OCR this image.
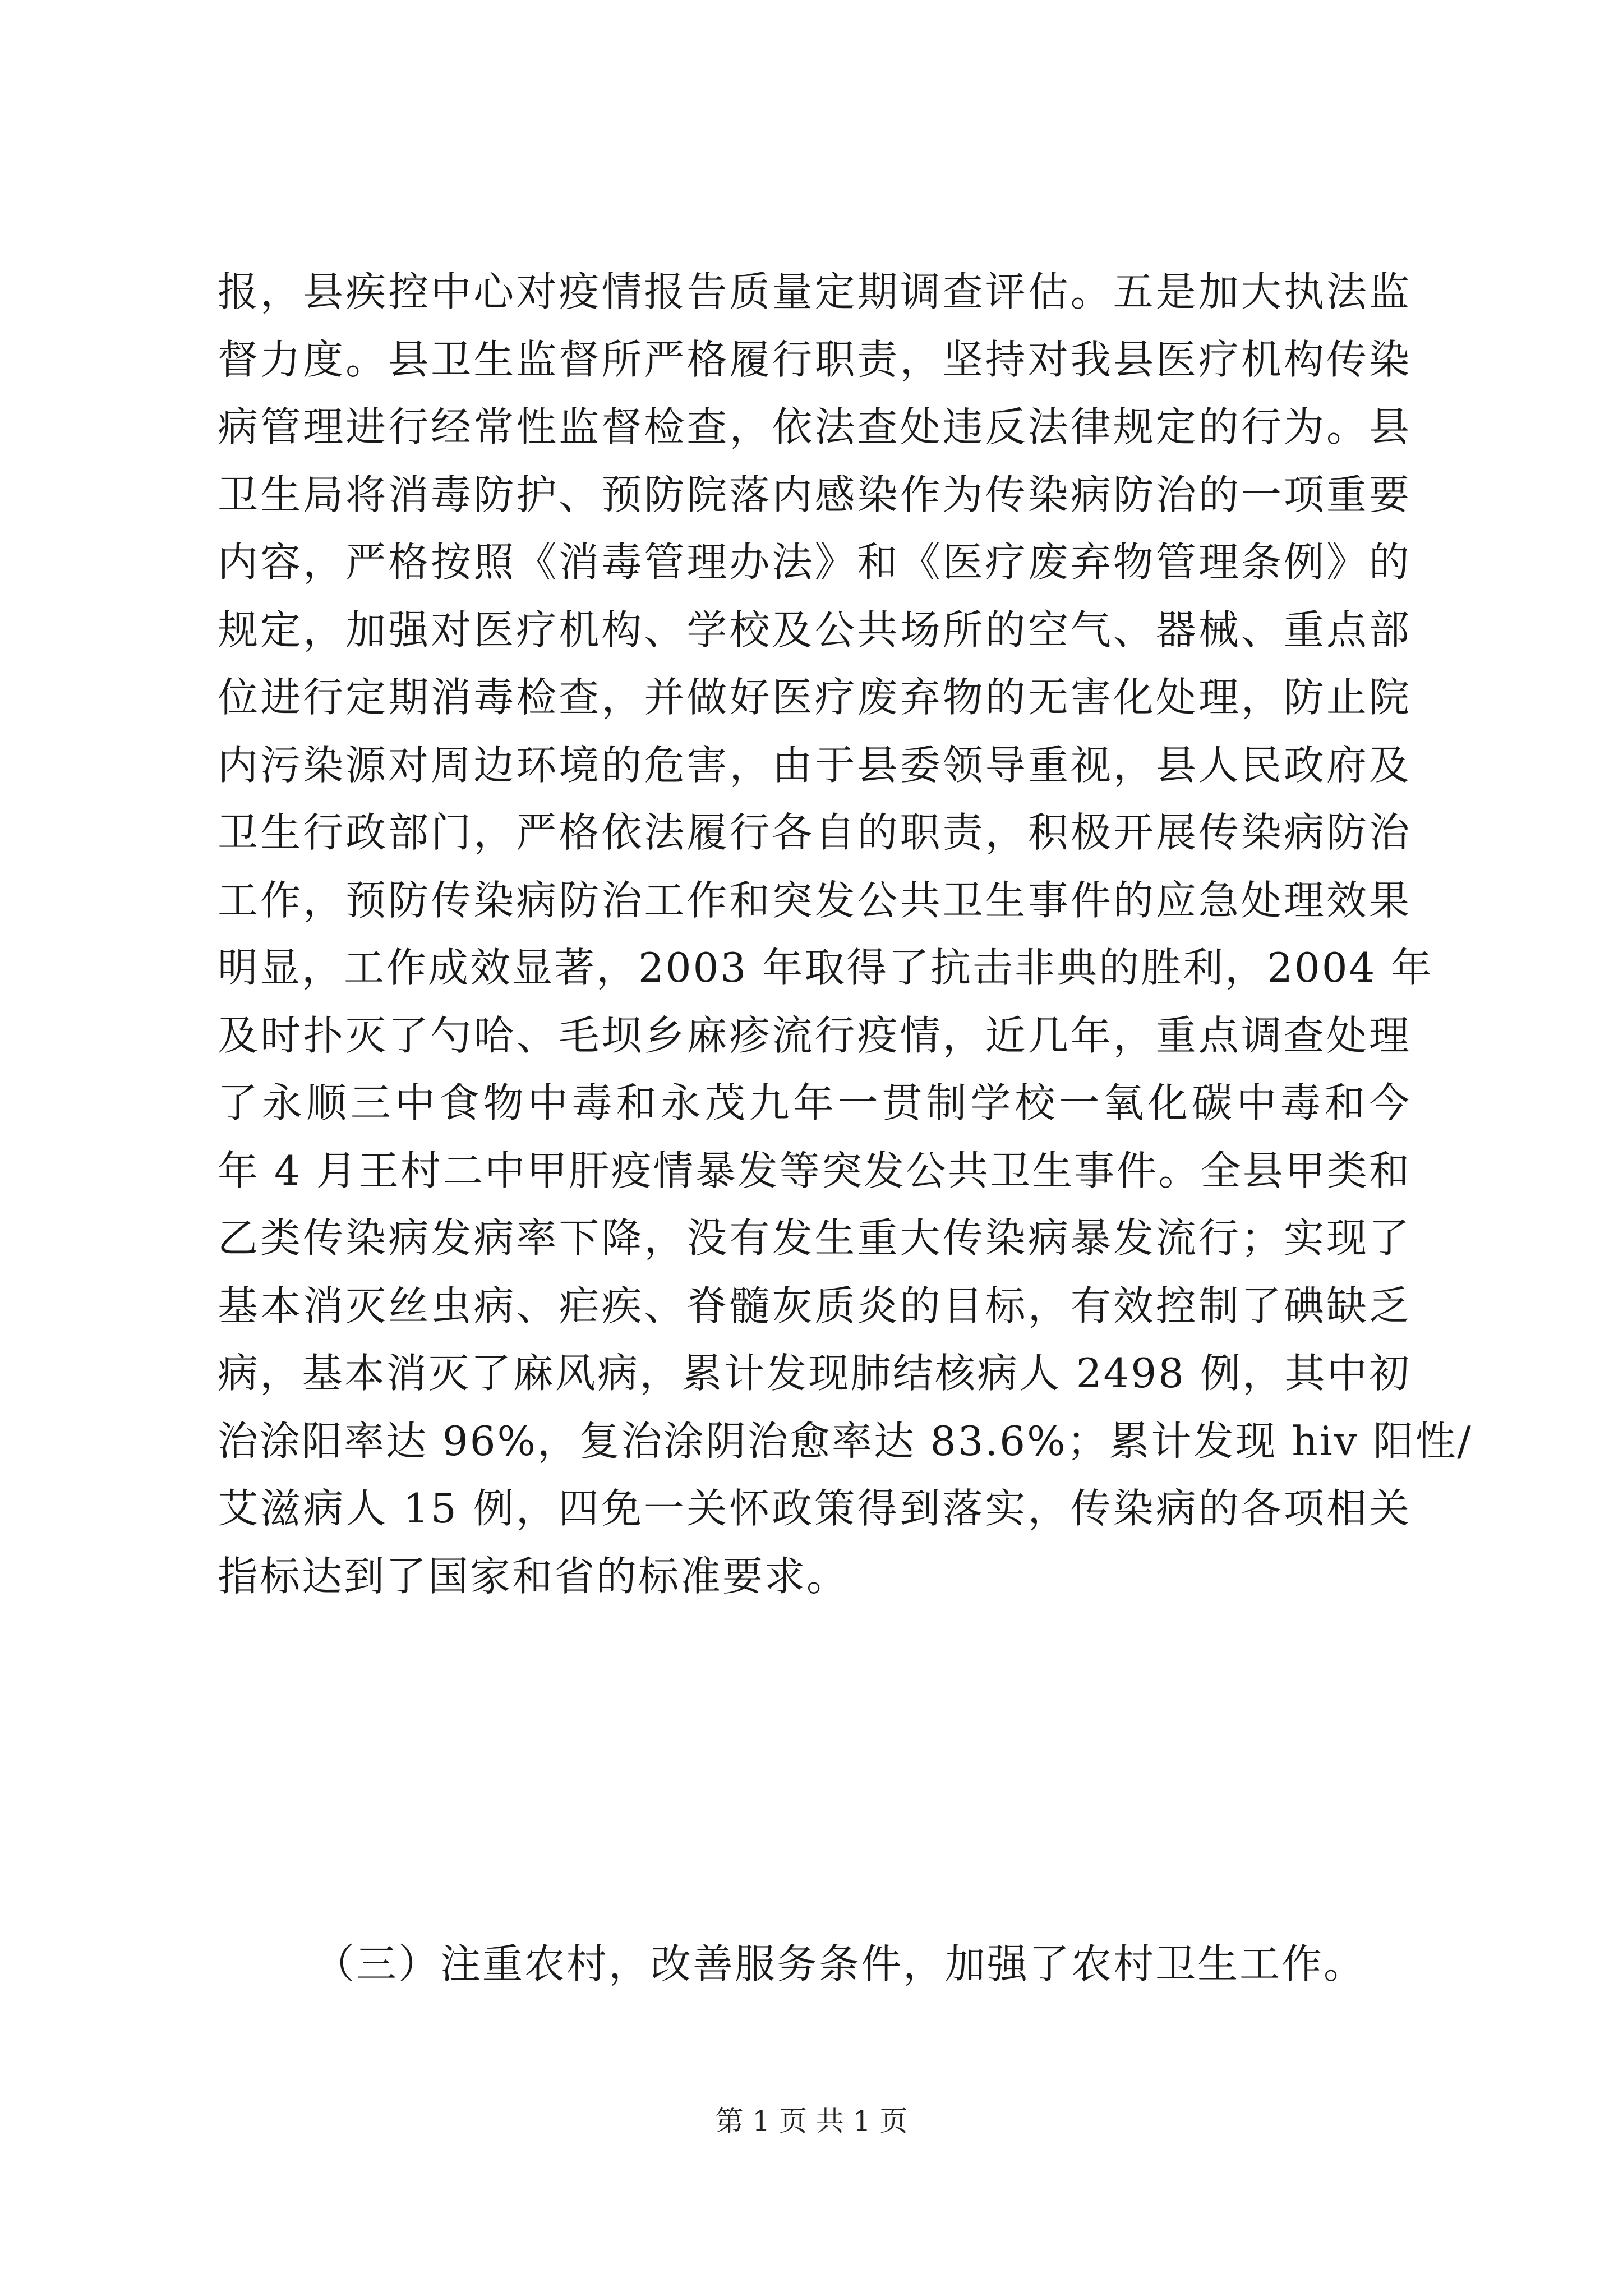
报，县疾控中心对疫情报告质量定期调查评估。五是加大执法监
督力度。县卫生监督所严格履行职责，坚持对我县医疗机构传染
病管理进行经常性监督检查，依法查处违反法律规定的行为。县
卫生局将消毒防护、预防院落内感染作为传染病防治的一项重要
内容，严格按照《消毒管理办法》和《医疗废弃物管理条例》的
规定，加强对医疗机构、学校及公共场所的空气、器械、重点部
位进行定期消毒检查，并做好医疗废弃物的无害化处理，防止院
内污染源对周边环境的危害，由于县委领导重视，县人民政府及
卫生行政部门，严格依法履行各自的职责，积极开展传染病防治
工作，预防传染病防治工作和突发公共卫生事件的应急处理效果
明显，工作成效显著，2003 年取得了抗击非典的胜利，2004 年
及时扑灭了勺哈、毛坝乡麻疹流行疫情，近几年，重点调查处理
了永顺三中食物中毒和永茂九年一贯制学校一氧化碳中毒和今
年 4 月王村二中甲肝疫情暴发等突发公共卫生事件。全县甲类和
乙类传染病发病率下降，没有发生重大传染病暴发流行；实现了
基本消灭丝虫病、疟疾、脊髓灰质炎的目标，有效控制了碘缺乏
病，基本消灭了麻风病，累计发现肺结核病人 2498 例，其中初
治涂阳率达 96%，复治涂阴治愈率达 83.6%；累计发现 hiv 阳性/
艾滋病人 15 例，四免一关怀政策得到落实，传染病的各项相关
指标达到了国家和省的标准要求。
（三）注重农村，改善服务条件，加强了农村卫生工作。
第 1 页 共 1 页
